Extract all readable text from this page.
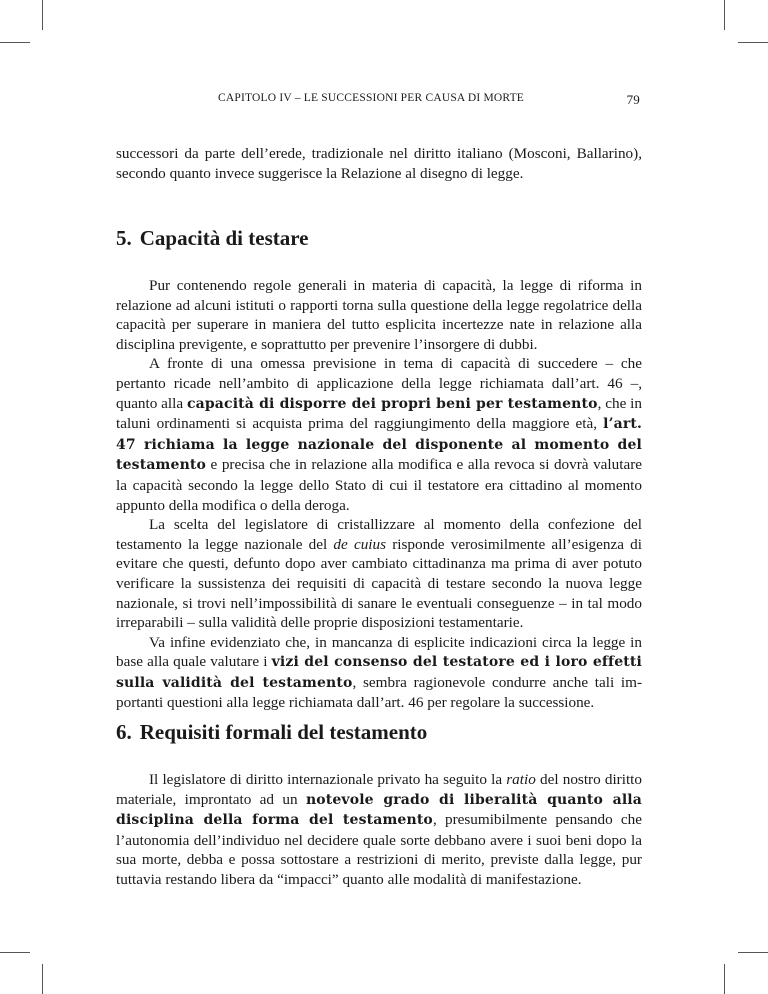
CAPITOLO IV – LE SUCCESSIONI PER CAUSA DI MORTE	79

successori da parte dell’erede, tradizionale nel diritto italiano (Mosconi, Ballarino), secondo quanto invece suggerisce la Relazione al disegno di legge.

5. Capacità di testare

Pur contenendo regole generali in materia di capacità, la legge di riforma in relazione ad alcuni istituti o rapporti torna sulla questione della legge regolatrice della capacità per superare in maniera del tutto esplicita incertezze nate in relazione alla disciplina previgente, e soprattutto per prevenire l’insorgere di dubbi.

A fronte di una omessa previsione in tema di capacità di succedere – che pertanto ricade nell’ambito di applicazione della legge richiamata dall’art. 46 –, quanto alla capacità di disporre dei propri beni per testamento, che in taluni ordinamenti si acquista prima del raggiungimento della maggiore età, l’art. 47 richiama la legge nazionale del disponente al momento del testamento e precisa che in relazione alla modifica e alla revoca si dovrà valutare la capacità secondo la legge dello Stato di cui il testatore era cittadino al momento appunto della modifica o della deroga.

La scelta del legislatore di cristallizzare al momento della confezione del testamento la legge nazionale del de cuius risponde verosimilmente all’esigenza di evitare che questi, defunto dopo aver cambiato cittadinanza ma prima di aver potuto verificare la sussistenza dei requisiti di capacità di testare secondo la nuova legge nazionale, si trovi nell’impossibilità di sanare le eventuali conseguenze – in tal modo irreparabili – sulla validità delle proprie disposizioni testamentarie.

Va infine evidenziato che, in mancanza di esplicite indicazioni circa la legge in base alla quale valutare i vizi del consenso del testatore ed i loro effetti sulla validità del testamento, sembra ragionevole condurre anche tali importanti questioni alla legge richiamata dall’art. 46 per regolare la successione.

6. Requisiti formali del testamento

Il legislatore di diritto internazionale privato ha seguito la ratio del nostro diritto materiale, improntato ad un notevole grado di liberalità quanto alla disciplina della forma del testamento, presumibilmente pensando che l’autonomia dell’individuo nel decidere quale sorte debbano avere i suoi beni dopo la sua morte, debba e possa sottostare a restrizioni di merito, previste dalla legge, pur tuttavia restando libera da “impacci” quanto alle modalità di manifestazione.
